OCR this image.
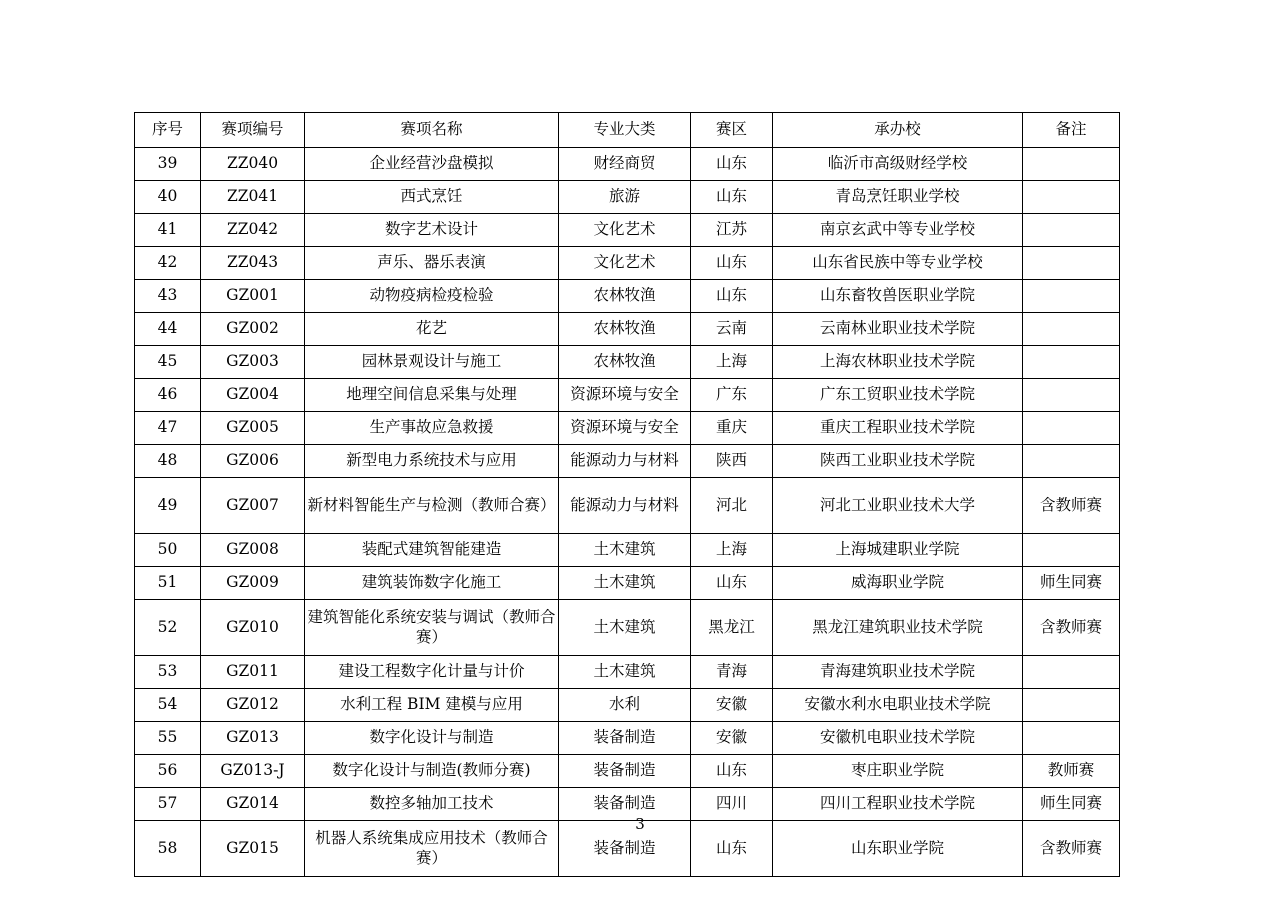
序号	赛项编号	赛项名称	专业大类	赛区	承办校	备注
39	ZZ040	企业经营沙盘模拟	财经商贸	山东	临沂市高级财经学校	
40	ZZ041	西式烹饪	旅游	山东	青岛烹饪职业学校	
41	ZZ042	数字艺术设计	文化艺术	江苏	南京玄武中等专业学校	
42	ZZ043	声乐、器乐表演	文化艺术	山东	山东省民族中等专业学校	
43	GZ001	动物疫病检疫检验	农林牧渔	山东	山东畜牧兽医职业学院	
44	GZ002	花艺	农林牧渔	云南	云南林业职业技术学院	
45	GZ003	园林景观设计与施工	农林牧渔	上海	上海农林职业技术学院	
46	GZ004	地理空间信息采集与处理	资源环境与安全	广东	广东工贸职业技术学院	
47	GZ005	生产事故应急救援	资源环境与安全	重庆	重庆工程职业技术学院	
48	GZ006	新型电力系统技术与应用	能源动力与材料	陕西	陕西工业职业技术学院	
49	GZ007	新材料智能生产与检测（教师合赛）	能源动力与材料	河北	河北工业职业技术大学	含教师赛
50	GZ008	装配式建筑智能建造	土木建筑	上海	上海城建职业学院	
51	GZ009	建筑装饰数字化施工	土木建筑	山东	威海职业学院	师生同赛
52	GZ010	建筑智能化系统安装与调试（教师合赛）	土木建筑	黑龙江	黑龙江建筑职业技术学院	含教师赛
53	GZ011	建设工程数字化计量与计价	土木建筑	青海	青海建筑职业技术学院	
54	GZ012	水利工程 BIM 建模与应用	水利	安徽	安徽水利水电职业技术学院	
55	GZ013	数字化设计与制造	装备制造	安徽	安徽机电职业技术学院	
56	GZ013-J	数字化设计与制造(教师分赛)	装备制造	山东	枣庄职业学院	教师赛
57	GZ014	数控多轴加工技术	装备制造	四川	四川工程职业技术学院	师生同赛
58	GZ015	机器人系统集成应用技术（教师合赛）	装备制造	山东	山东职业学院	含教师赛
3
